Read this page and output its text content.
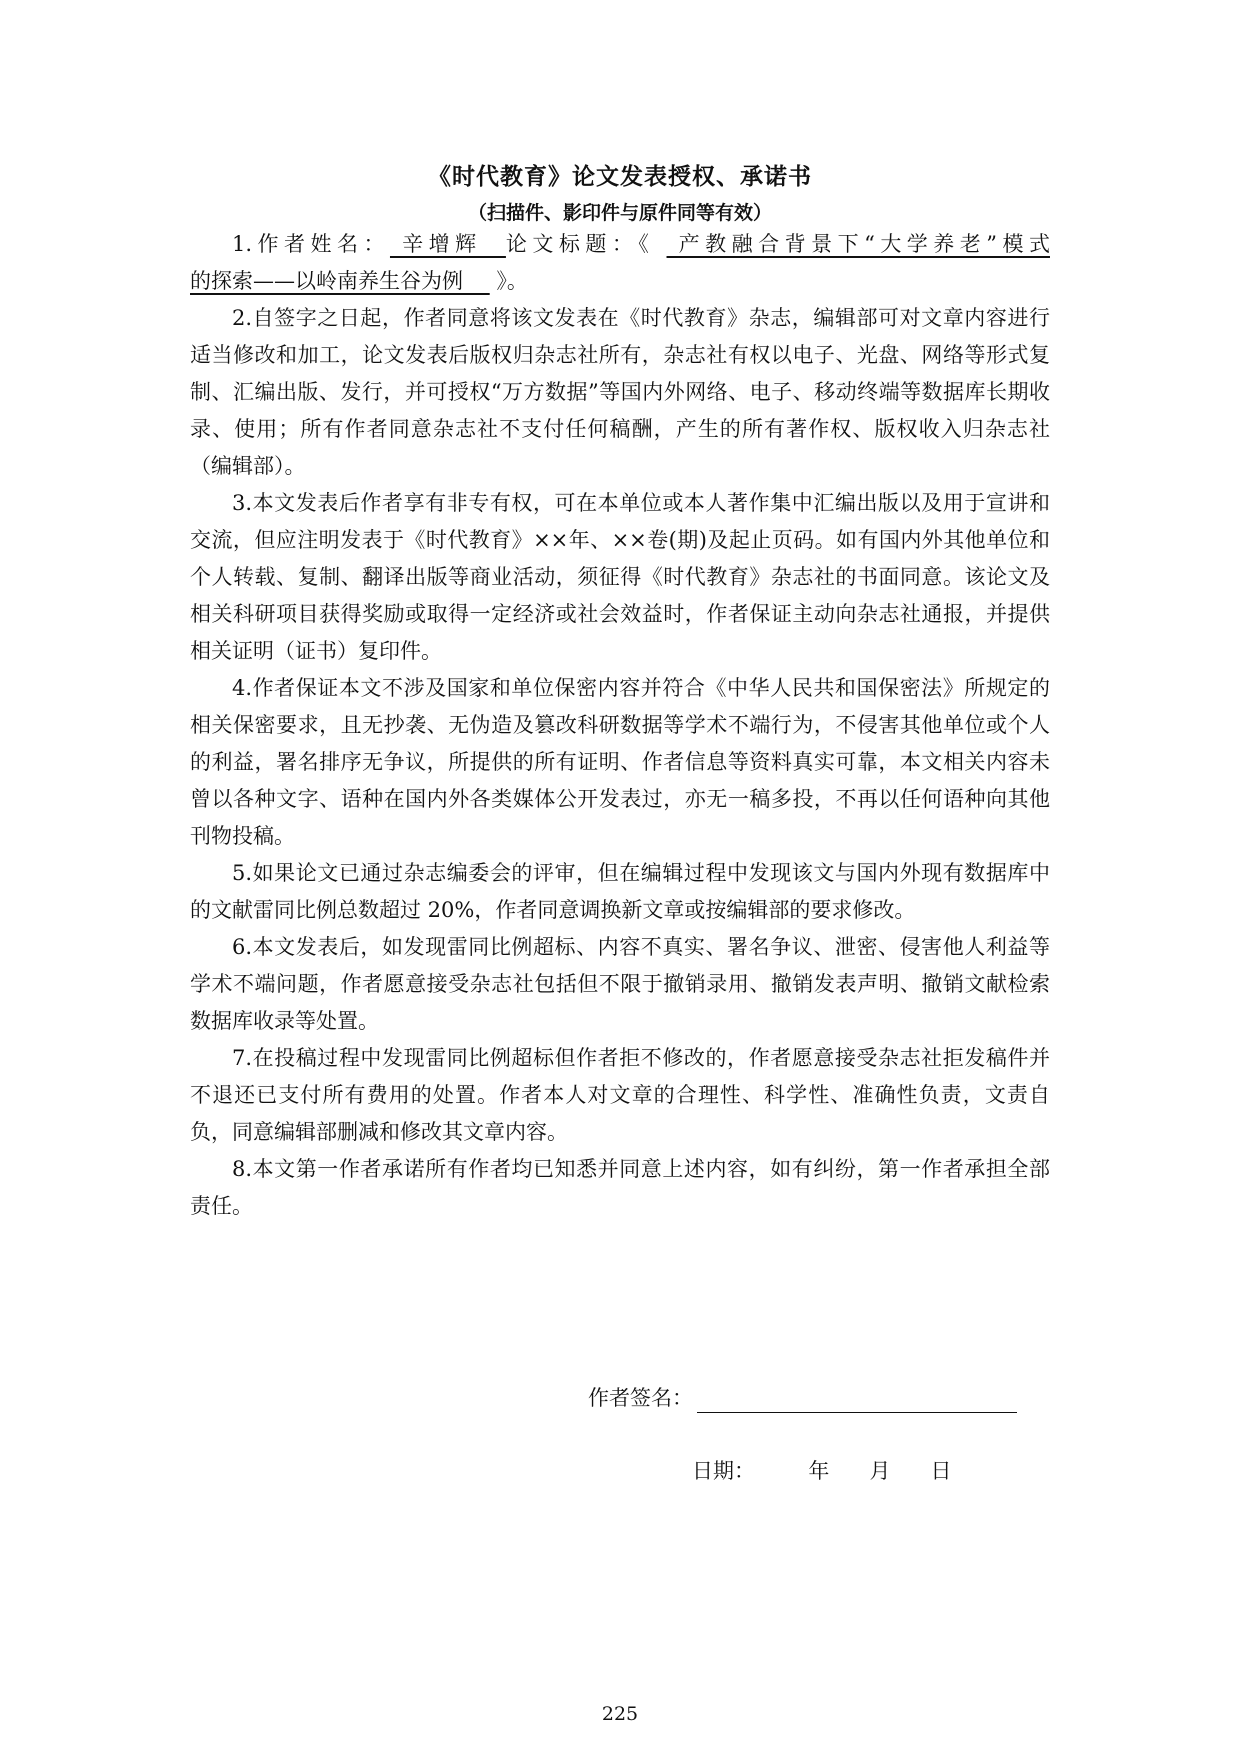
《时代教育》论文发表授权、承诺书
（扫描件、影印件与原件同等有效）

1.作者姓名： 辛增辉  论文标题：《  产教融合背景下“大学养老”模式的探索——以岭南养生谷为例     》。

2.自签字之日起，作者同意将该文发表在《时代教育》杂志，编辑部可对文章内容进行适当修改和加工，论文发表后版权归杂志社所有，杂志社有权以电子、光盘、网络等形式复制、汇编出版、发行，并可授权“万方数据”等国内外网络、电子、移动终端等数据库长期收录、使用；所有作者同意杂志社不支付任何稿酬，产生的所有著作权、版权收入归杂志社（编辑部）。

3.本文发表后作者享有非专有权，可在本单位或本人著作集中汇编出版以及用于宣讲和交流，但应注明发表于《时代教育》××年、××卷(期)及起止页码。如有国内外其他单位和个人转载、复制、翻译出版等商业活动，须征得《时代教育》杂志社的书面同意。该论文及相关科研项目获得奖励或取得一定经济或社会效益时，作者保证主动向杂志社通报，并提供相关证明（证书）复印件。

4.作者保证本文不涉及国家和单位保密内容并符合《中华人民共和国保密法》所规定的相关保密要求，且无抄袭、无伪造及篡改科研数据等学术不端行为，不侵害其他单位或个人的利益，署名排序无争议，所提供的所有证明、作者信息等资料真实可靠，本文相关内容未曾以各种文字、语种在国内外各类媒体公开发表过，亦无一稿多投，不再以任何语种向其他刊物投稿。

5.如果论文已通过杂志编委会的评审，但在编辑过程中发现该文与国内外现有数据库中的文献雷同比例总数超过 20%，作者同意调换新文章或按编辑部的要求修改。

6.本文发表后，如发现雷同比例超标、内容不真实、署名争议、泄密、侵害他人利益等学术不端问题，作者愿意接受杂志社包括但不限于撤销录用、撤销发表声明、撤销文献检索数据库收录等处置。

7.在投稿过程中发现雷同比例超标但作者拒不修改的，作者愿意接受杂志社拒发稿件并不退还已支付所有费用的处置。作者本人对文章的合理性、科学性、准确性负责，文责自负，同意编辑部删减和修改其文章内容。

8.本文第一作者承诺所有作者均已知悉并同意上述内容，如有纠纷，第一作者承担全部责任。

作者签名：
日期：	年 月 日
225
